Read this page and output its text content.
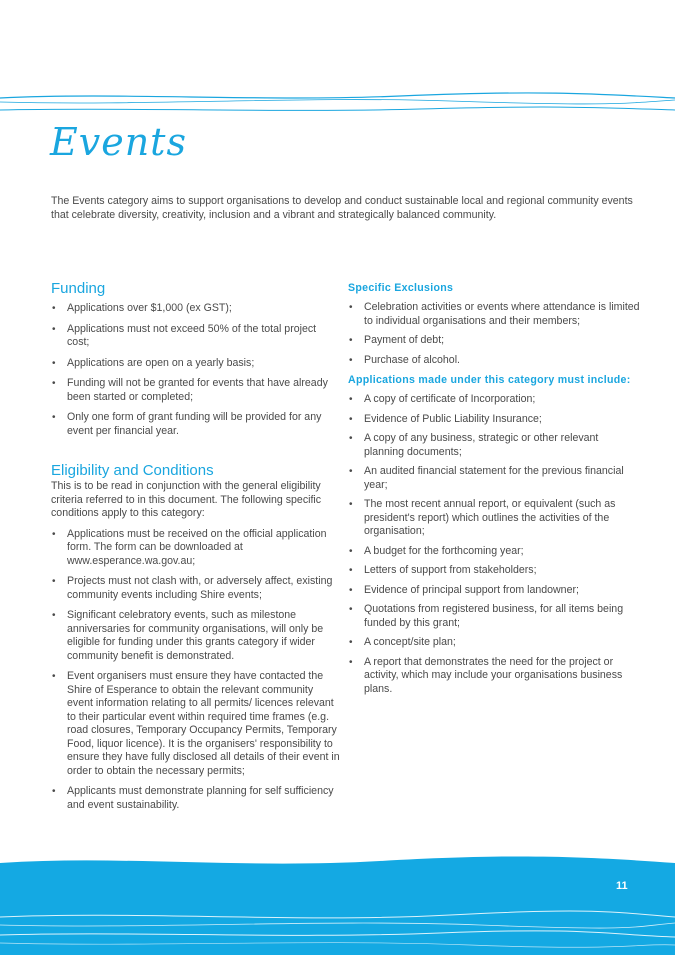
Events

The Events category aims to support organisations to develop and conduct sustainable local and regional community events that celebrate diversity, creativity, inclusion and a vibrant and strategically balanced community.

Funding
• Applications over $1,000 (ex GST);
• Applications must not exceed 50% of the total project cost;
• Applications are open on a yearly basis;
• Funding will not be granted for events that have already been started or completed;
• Only one form of grant funding will be provided for any event per financial year.
Eligibility and Conditions

This is to be read in conjunction with the general eligibility criteria referred to in this document. The following specific conditions apply to this category:

• Applications must be received on the official application form. The form can be downloaded at www.esperance.wa.gov.au;
• Projects must not clash with, or adversely affect, existing community events including Shire events;
• Significant celebratory events, such as milestone anniversaries for community organisations, will only be eligible for funding under this grants category if wider community benefit is demonstrated.
• Event organisers must ensure they have contacted the Shire of Esperance to obtain the relevant community event information relating to all permits/ licences relevant to their particular event within required time frames (e.g. road closures, Temporary Occupancy Permits, Temporary Food, liquor licence). It is the organisers' responsibility to ensure they have fully disclosed all details of their event in order to obtain the necessary permits;
• Applicants must demonstrate planning for self sufficiency and event sustainability.
Specific Exclusions
• Celebration activities or events where attendance is limited to individual organisations and their members;
• Payment of debt;
• Purchase of alcohol.
Applications made under this category must include:
• A copy of certificate of Incorporation;
• Evidence of Public Liability Insurance;
• A copy of any business, strategic or other relevant planning documents;
• An audited financial statement for the previous financial year;
• The most recent annual report, or equivalent (such as president's report) which outlines the activities of the organisation;
• A budget for the forthcoming year;
• Letters of support from stakeholders;
• Evidence of principal support from landowner;
• Quotations from registered business, for all items being funded by this grant;
• A concept/site plan;
• A report that demonstrates the need for the project or activity, which may include your organisations business plans.
11
